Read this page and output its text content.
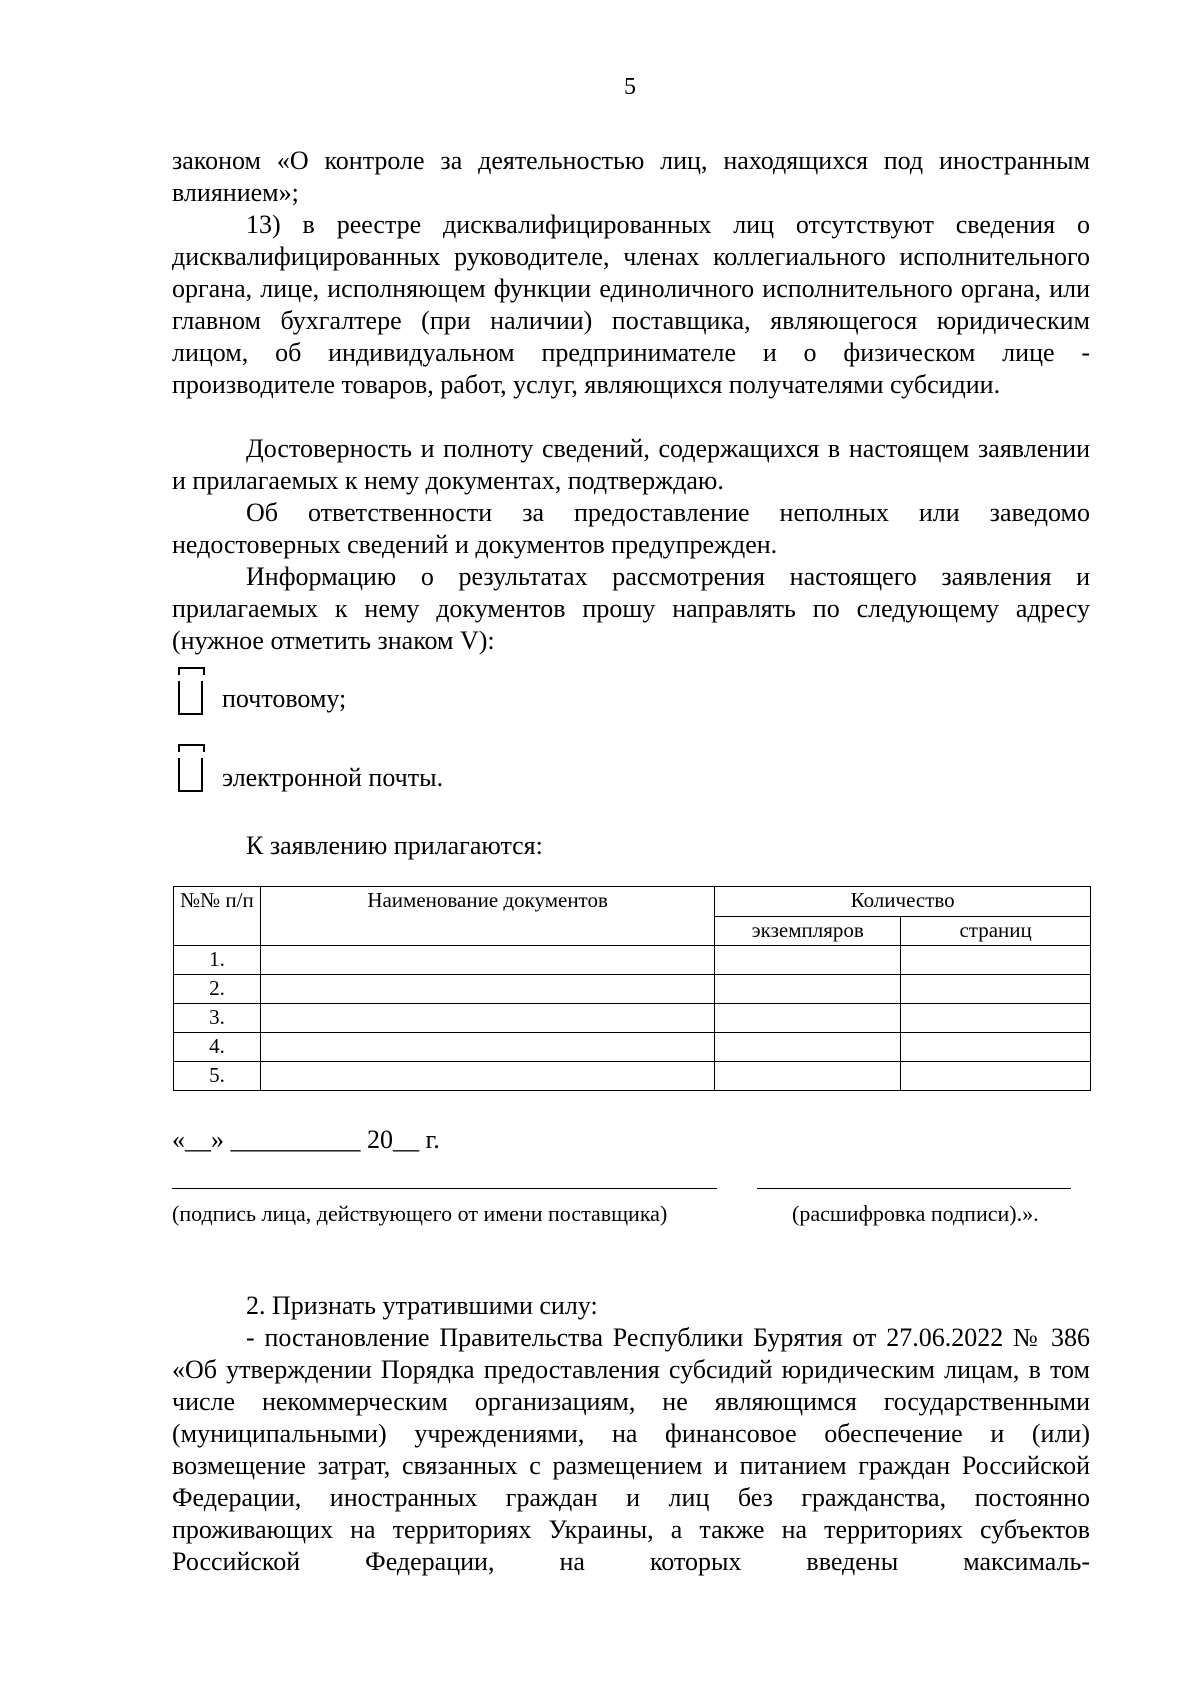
5
законом «О контроле за деятельностью лиц, находящихся под иностранным влиянием»;
13) в реестре дисквалифицированных лиц отсутствуют сведения о дисквалифицированных руководителе, членах коллегиального исполнительного органа, лице, исполняющем функции единоличного исполнительного органа, или главном бухгалтере (при наличии) поставщика, являющегося юридическим лицом, об индивидуальном предпринимателе и о физическом лице - производителе товаров, работ, услуг, являющихся получателями субсидии.
Достоверность и полноту сведений, содержащихся в настоящем заявлении и прилагаемых к нему документах, подтверждаю.
Об ответственности за предоставление неполных или заведомо недостоверных сведений и документов предупрежден.
Информацию о результатах рассмотрения настоящего заявления и прилагаемых к нему документов прошу направлять по следующему адресу (нужное отметить знаком V):
почтовому;
электронной почты.
К заявлению прилагаются:
№№ п/п	Наименование документов	Количество	
		экземпляров	страниц
1.			
2.			
3.			
4.			
5.			
«__» __________ 20__ г.
(подпись лица, действующего от имени поставщика)	(расшифровка подписи).».
2. Признать утратившими силу:
- постановление Правительства Республики Бурятия от 27.06.2022 № 386 «Об утверждении Порядка предоставления субсидий юридическим лицам, в том числе некоммерческим организациям, не являющимся государственными (муниципальными) учреждениями, на финансовое обеспечение и (или) возмещение затрат, связанных с размещением и питанием граждан Российской Федерации, иностранных граждан и лиц без гражданства, постоянно проживающих на территориях Украины, а также на территориях субъектов Российской Федерации, на которых введены максималь-
